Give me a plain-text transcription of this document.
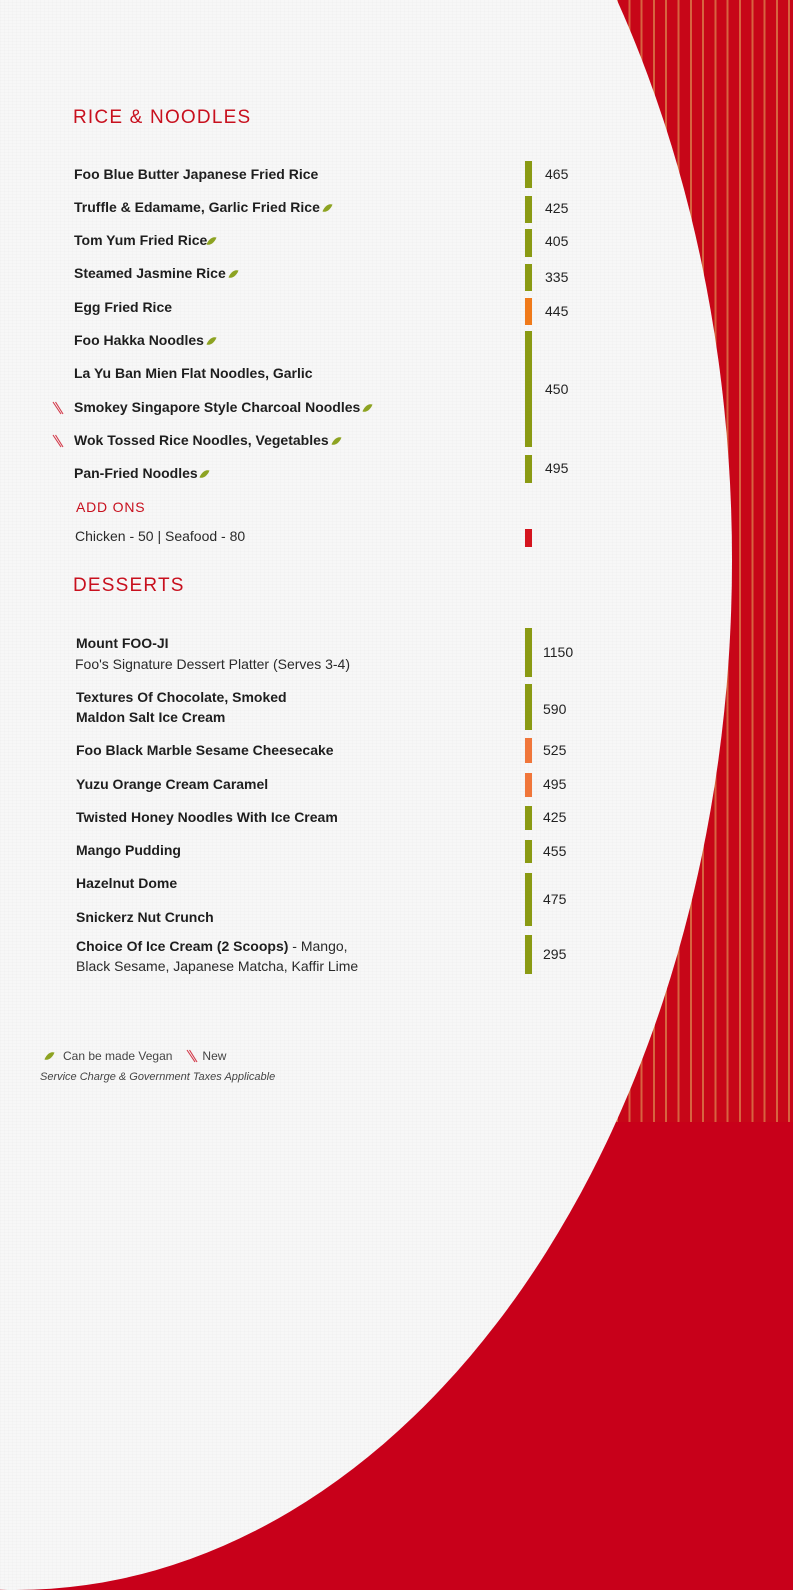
RICE & NOODLES
Foo Blue Butter Japanese Fried Rice
Truffle & Edamame, Garlic Fried Rice
Tom Yum Fried Rice
Steamed Jasmine Rice
Egg Fried Rice
Foo Hakka Noodles
La Yu Ban Mien Flat Noodles, Garlic
Smokey Singapore Style Charcoal Noodles
Wok Tossed Rice Noodles, Vegetables
Pan-Fried Noodles
465
425
405
335
445
450
495
ADD ONS
Chicken - 50 | Seafood - 80
DESSERTS
Mount FOO-JI
Foo's Signature Dessert Platter (Serves 3-4)
Textures Of Chocolate, Smoked
Maldon Salt Ice Cream
Foo Black Marble Sesame Cheesecake
Yuzu Orange Cream Caramel
Twisted Honey Noodles With Ice Cream
Mango Pudding
Hazelnut Dome
Snickerz Nut Crunch
Choice Of Ice Cream (2 Scoops) - Mango,
Black Sesame, Japanese Matcha, Kaffir Lime
1150
590
525
495
425
455
475
295
Can be made Vegan	New
Service Charge & Government Taxes Applicable
